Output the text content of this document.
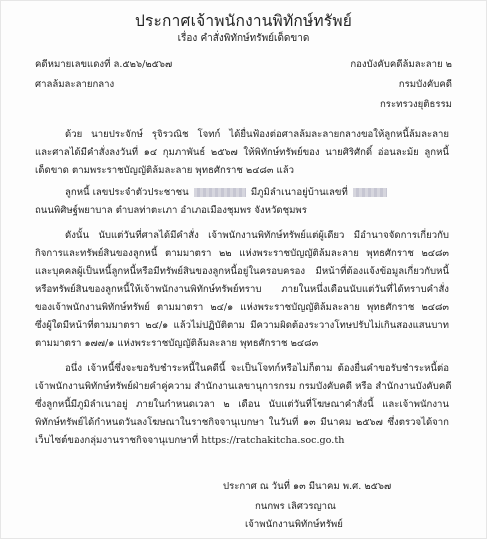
ประกาศเจ้าพนักงานพิทักษ์ทรัพย์
เรื่อง คำสั่งพิทักษ์ทรัพย์เด็ดขาด
คดีหมายเลขแดงที่ ล.๕๒๖/๒๕๖๗	กองบังคับคดีล้มละลาย ๒
ศาลล้มละลายกลาง	กรมบังคับคดี
กระทรวงยุติธรรม
ด้วย นายประจักษ์ รุจิรวณิช โจทก์ ได้ยื่นฟ้องต่อศาลล้มละลายกลางขอให้ลูกหนี้ล้มละลาย
และศาลได้มีคำสั่งลงวันที่ ๑๔ กุมภาพันธ์ ๒๕๖๗ ให้พิทักษ์ทรัพย์ของ นายศิริศักดิ์ อ่อนละม้ย ลูกหนี้
เด็ดขาด ตามพระราชบัญญัติล้มละลาย พุทธศักราช ๒๔๘๓ แล้ว
ลูกหนี้ เลขประจำตัวประชาชน	มีภูมิลำเนาอยู่บ้านเลขที่
ถนนพิศิษฐ์พยาบาล ตำบลท่าตะเภา อำเภอเมืองชุมพร จังหวัดชุมพร
ดังนั้น นับแต่วันที่ศาลได้มีคำสั่ง เจ้าพนักงานพิทักษ์ทรัพย์แต่ผู้เดียว มีอำนาจจัดการเกี่ยวกับ
กิจการและทรัพย์สินของลูกหนี้ ตามมาตรา ๒๒ แห่งพระราชบัญญัติล้มละลาย พุทธศักราช ๒๔๘๓
และบุคคลผู้เป็นหนี้ลูกหนี้หรือมีทรัพย์สินของลูกหนี้อยู่ในครอบครอง มีหน้าที่ต้องแจ้งข้อมูลเกี่ยวกับหนี้
หรือทรัพย์สินของลูกหนี้ให้เจ้าพนักงานพิทักษ์ทรัพย์ทราบ ภายในหนึ่งเดือนนับแต่วันที่ได้ทราบคำสั่ง
ของเจ้าพนักงานพิทักษ์ทรัพย์ ตามมาตรา ๒๔/๑ แห่งพระราชบัญญัติล้มละลาย พุทธศักราช ๒๔๘๓
ซึ่งผู้ใดมีหน้าที่ตามมาตรา ๒๔/๑ แล้วไม่ปฏิบัติตาม มีความผิดต้องระวางโทษปรับไม่เกินสองแสนบาท
ตามมาตรา ๑๗๗/๑ แห่งพระราชบัญญัติล้มละลาย พุทธศักราช ๒๔๘๓
อนึ่ง เจ้าหนี้ซึ่งจะขอรับชำระหนี้ในคดีนี้ จะเป็นโจทก์หรือไม่ก็ตาม ต้องยื่นคำขอรับชำระหนี้ต่อ
เจ้าพนักงานพิทักษ์ทรัพย์ฝ่ายคำคู่ความ สำนักงานเลขานุการกรม กรมบังคับคดี หรือ สำนักงานบังคับคดี
ซึ่งลูกหนี้มีภูมิลำเนาอยู่ ภายในกำหนดเวลา ๒ เดือน นับแต่วันที่โฆษณาคำสั่งนี้ และเจ้าพนักงาน
พิทักษ์ทรัพย์ได้กำหนดวันลงโฆษณาในราชกิจจานุเบกษา ในวันที่ ๑๓ มีนาคม ๒๕๖๗ ซึ่งตรวจได้จาก
เว็บไซต์ของกลุ่มงานราชกิจจานุเบกษาที่ https://ratchakitcha.soc.go.th
ประกาศ ณ วันที่ ๑๓ มีนาคม พ.ศ. ๒๕๖๗
กนกพร เลิศวรญาณ
เจ้าพนักงานพิทักษ์ทรัพย์
